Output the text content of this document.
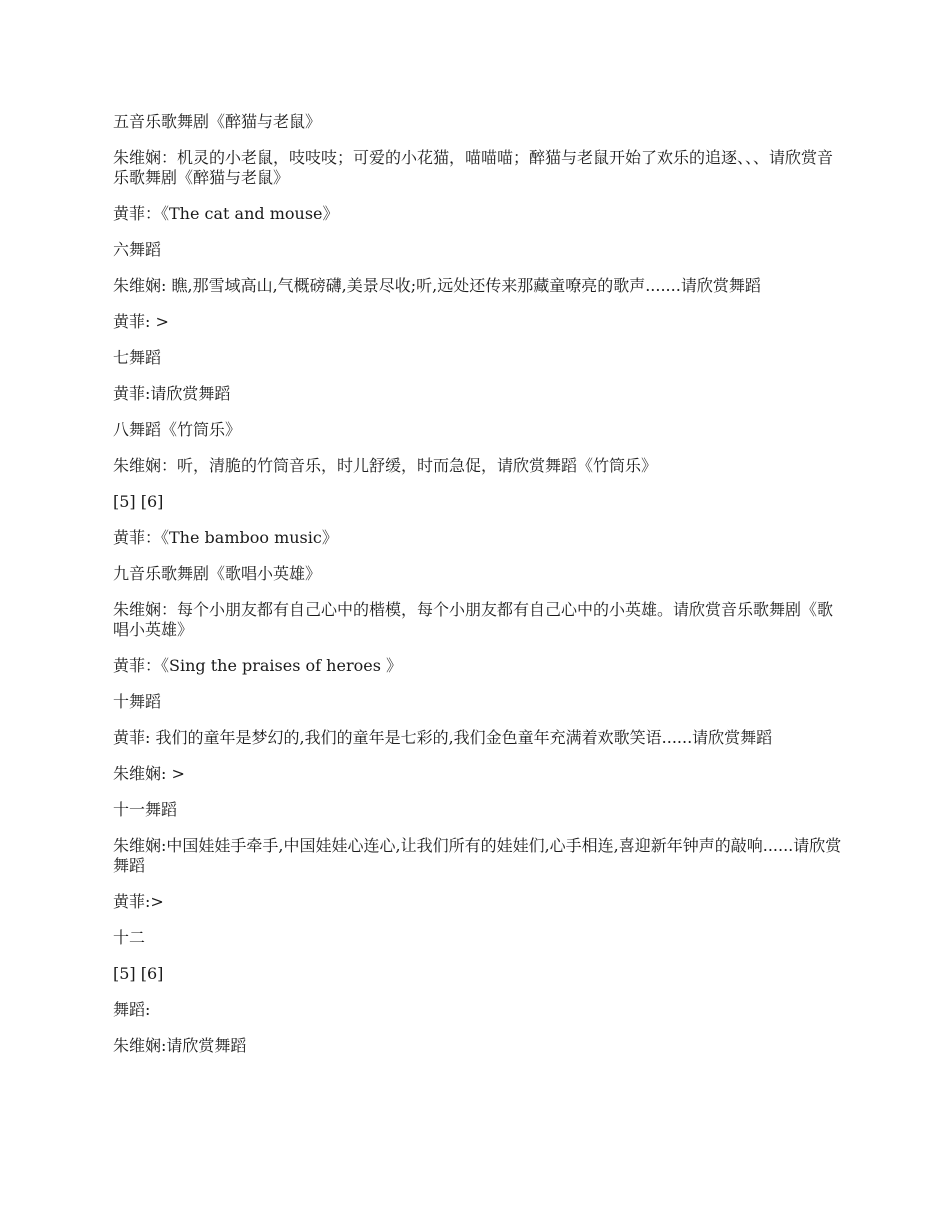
五音乐歌舞剧《醉猫与老鼠》

朱维娴：机灵的小老鼠，吱吱吱；可爱的小花猫，喵喵喵；醉猫与老鼠开始了欢乐的追逐、、、请欣赏音乐歌舞剧《醉猫与老鼠》

黄菲：《The cat and mouse》

六舞蹈

朱维娴: 瞧,那雪域高山,气概磅礴,美景尽收;听,远处还传来那藏童嘹亮的歌声.......请欣赏舞蹈

黄菲: >

七舞蹈

黄菲:请欣赏舞蹈

八舞蹈《竹筒乐》

朱维娴：听，清脆的竹筒音乐，时儿舒缓，时而急促，请欣赏舞蹈《竹筒乐》

[5] [6]

黄菲：《The bamboo music》

九音乐歌舞剧《歌唱小英雄》

朱维娴：每个小朋友都有自己心中的楷模，每个小朋友都有自己心中的小英雄。请欣赏音乐歌舞剧《歌唱小英雄》

黄菲：《Sing the praises of heroes 》

十舞蹈

黄菲: 我们的童年是梦幻的,我们的童年是七彩的,我们金色童年充满着欢歌笑语......请欣赏舞蹈

朱维娴: >

十一舞蹈

朱维娴:中国娃娃手牵手,中国娃娃心连心,让我们所有的娃娃们,心手相连,喜迎新年钟声的敲响......请欣赏舞蹈

黄菲:>

十二

[5] [6]

舞蹈:

朱维娴:请欣赏舞蹈
